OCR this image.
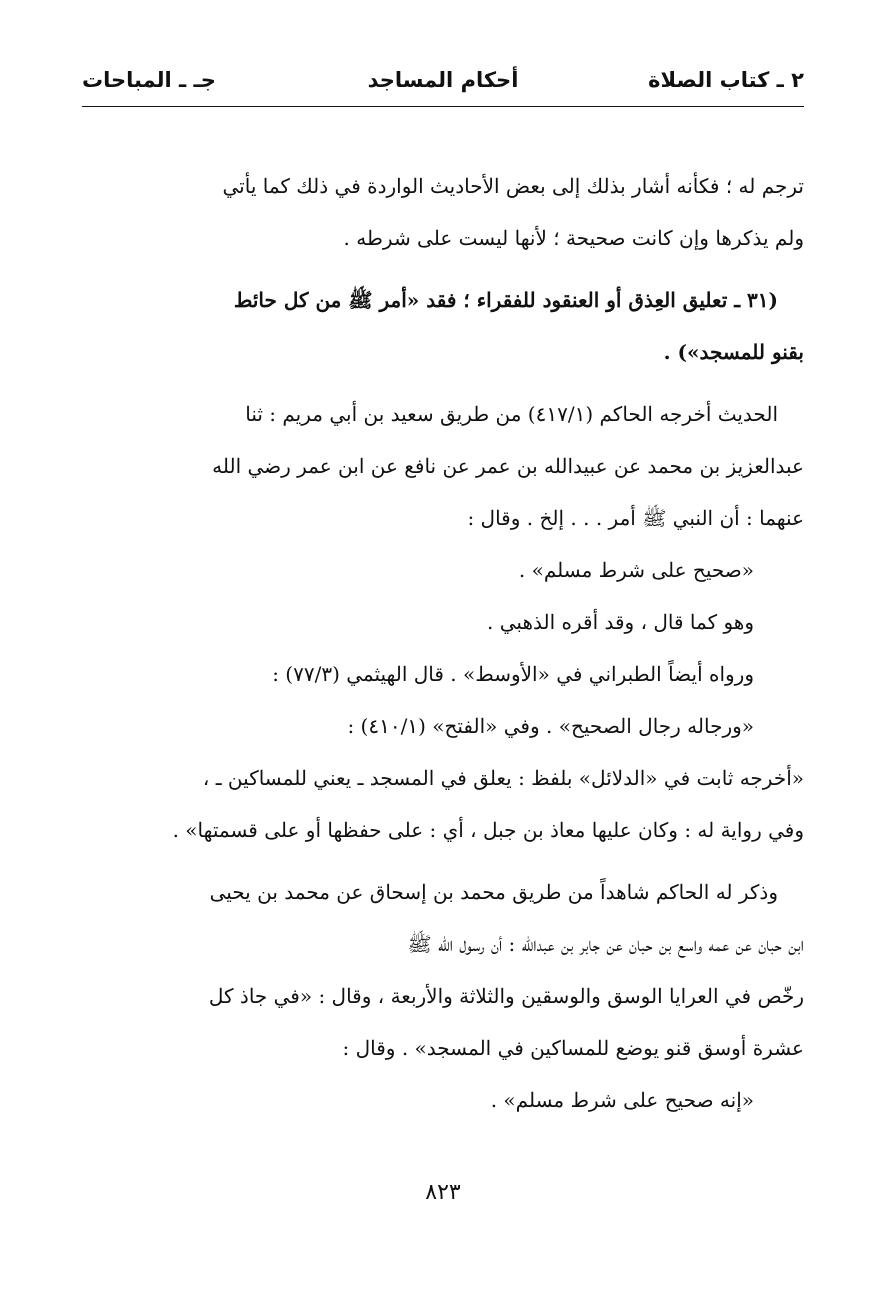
٢ ـ كتاب الصلاة
أحكام المساجد
جـ ـ المباحات
ترجم له ؛ فكأنه أشار بذلك إلى بعض الأحاديث الواردة في ذلك كما يأتي
ولم يذكرها وإن كانت صحيحة ؛ لأنها ليست على شرطه .
(٣١ ـ تعليق العِذق أو العنقود للفقراء ؛ فقد «أمر ﷺ من كل حائط
بقنو للمسجد») .
الحديث أخرجه الحاكم (٤١٧/١) من طريق سعيد بن أبي مريم : ثنا
عبدالعزيز بن محمد عن عبيدالله بن عمر عن نافع عن ابن عمر رضي الله
عنهما : أن النبي ﷺ أمر . . . إلخ . وقال :
«صحيح على شرط مسلم» .
وهو كما قال ، وقد أقره الذهبي .
ورواه أيضاً الطبراني في «الأوسط» . قال الهيثمي (٧٧/٣) :
«ورجاله رجال الصحيح» . وفي «الفتح» (٤١٠/١) :
«أخرجه ثابت في «الدلائل» بلفظ : يعلق في المسجد ـ يعني للمساكين ـ ،
وفي رواية له : وكان عليها معاذ بن جبل ، أي : على حفظها أو على قسمتها» .
وذكر له الحاكم شاهداً من طريق محمد بن إسحاق عن محمد بن يحيى
ابن حبان عن عمه واسع بن حبان عن جابر بن عبدالله : أن رسول الله ﷺ
رخّص في العرايا الوسق والوسقين والثلاثة والأربعة ، وقال : «في جاذ كل
عشرة أوسق قنو يوضع للمساكين في المسجد» . وقال :
«إنه صحيح على شرط مسلم» .
٨٢٣
